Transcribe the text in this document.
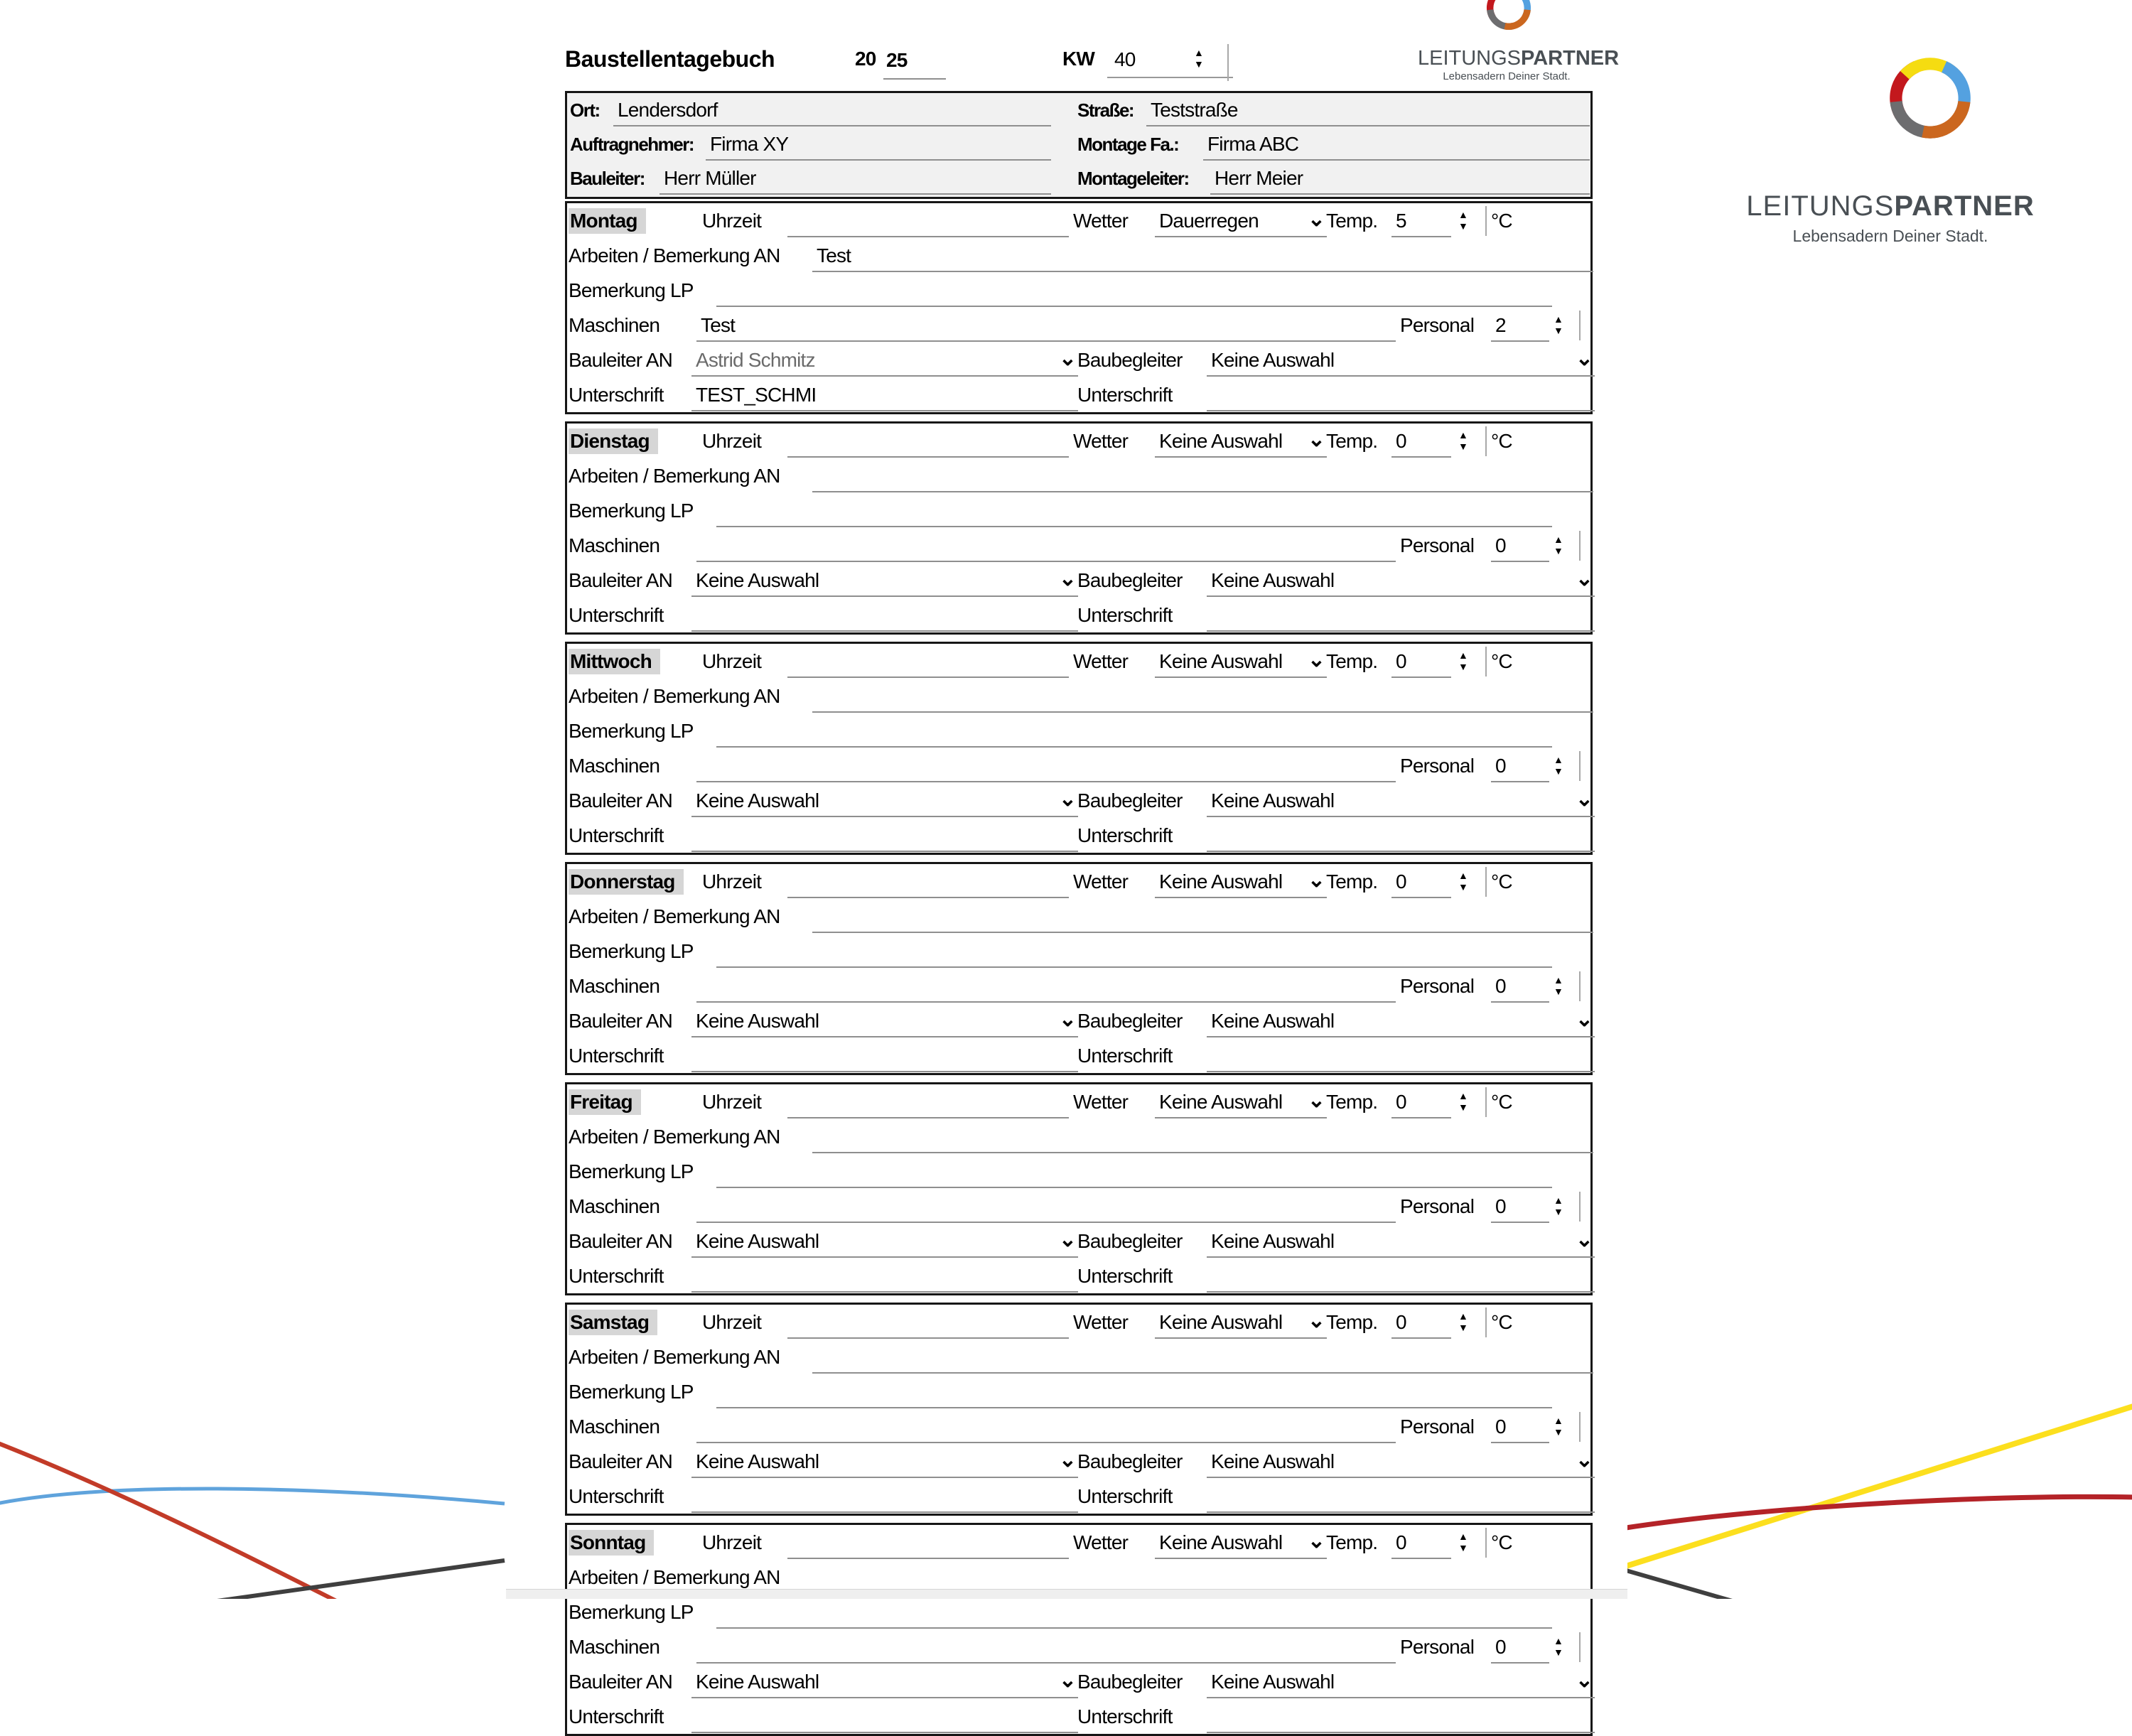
LEITUNGSPARTNER
Lebensadern Deiner Stadt.
LEITUNGSPARTNER
Lebensadern Deiner Stadt.
Baustellentagebuch	20 25	KW 40	▲
▼
Ort: Lendersdorf	Straße: Teststraße
Auftragnehmer: Firma XY	Montage Fa.: Firma ABC
Bauleiter: Herr Müller	Montageleiter: Herr Meier
Montag	Uhrzeit	Wetter Dauerregen ⌄ Temp. 5	▲
▼ °C
Arbeiten / Bemerkung AN Test
Bemerkung LP
Maschinen Test	Personal 2	▲
▼
Bauleiter AN Astrid Schmitz	⌄ Baubegleiter Keine Auswahl	⌄
Unterschrift TEST_SCHMI	Unterschrift
Dienstag	Uhrzeit	Wetter Keine Auswahl ⌄ Temp. 0	▲
▼ °C
Arbeiten / Bemerkung AN
Bemerkung LP
Maschinen	Personal 0	▲
▼
Bauleiter AN Keine Auswahl	⌄ Baubegleiter Keine Auswahl	⌄
Unterschrift	Unterschrift
Mittwoch	Uhrzeit	Wetter Keine Auswahl ⌄ Temp. 0	▲
▼ °C
Arbeiten / Bemerkung AN
Bemerkung LP
Maschinen	Personal 0	▲
▼
Bauleiter AN Keine Auswahl	⌄ Baubegleiter Keine Auswahl	⌄
Unterschrift	Unterschrift
Donnerstag	Uhrzeit	Wetter Keine Auswahl ⌄ Temp. 0	▲
▼ °C
Arbeiten / Bemerkung AN
Bemerkung LP
Maschinen	Personal 0	▲
▼
Bauleiter AN Keine Auswahl	⌄ Baubegleiter Keine Auswahl	⌄
Unterschrift	Unterschrift
Freitag	Uhrzeit	Wetter Keine Auswahl ⌄ Temp. 0	▲
▼ °C
Arbeiten / Bemerkung AN
Bemerkung LP
Maschinen	Personal 0	▲
▼
Bauleiter AN Keine Auswahl	⌄ Baubegleiter Keine Auswahl	⌄
Unterschrift	Unterschrift
Samstag	Uhrzeit	Wetter Keine Auswahl ⌄ Temp. 0	▲
▼ °C
Arbeiten / Bemerkung AN
Bemerkung LP
Maschinen	Personal 0	▲
▼
Bauleiter AN Keine Auswahl	⌄ Baubegleiter Keine Auswahl	⌄
Unterschrift	Unterschrift
Sonntag	Uhrzeit	Wetter Keine Auswahl ⌄ Temp. 0	▲
▼ °C
Arbeiten / Bemerkung AN
Bemerkung LP
Maschinen	Personal 0	▲
▼
Bauleiter AN Keine Auswahl	⌄ Baubegleiter Keine Auswahl	⌄
Unterschrift	Unterschrift
